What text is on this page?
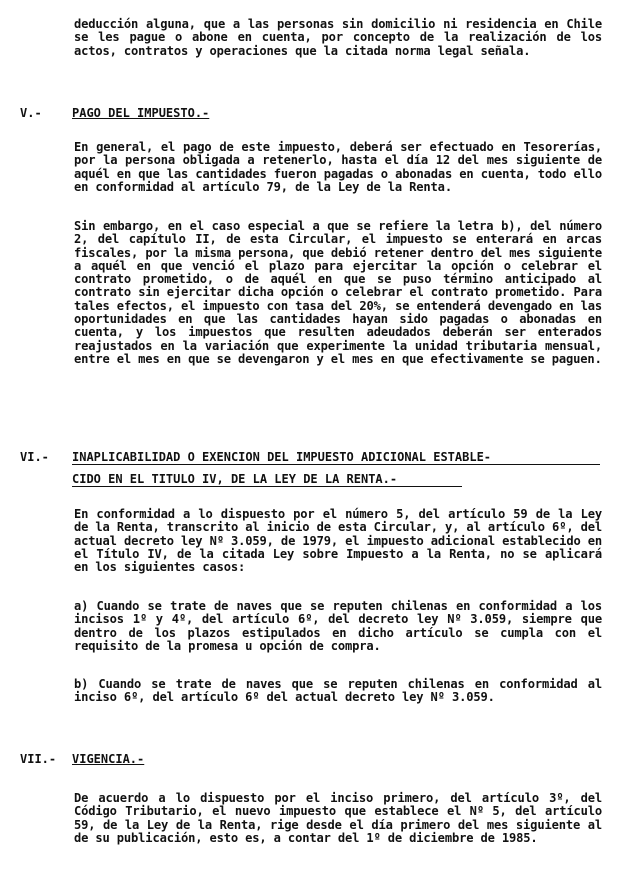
deducción alguna, que a las personas sin domicilio ni residencia en Chile se les pague o abone en cuenta, por concepto de la realización de los actos, contratos y operaciones que la citada norma legal señala.

V.-	PAGO DEL IMPUESTO.-

En general, el pago de este impuesto, deberá ser efectuado en Tesorerías, por la persona obligada a retenerlo, hasta el día 12 del mes siguiente de aquél en que las cantidades fueron pagadas o abonadas en cuenta, todo ello en conformidad al artículo 79, de la Ley de la Renta.

Sin embargo, en el caso especial a que se refiere la letra b), del número 2, del capítulo II, de esta Circular, el impuesto se enterará en arcas fiscales, por la misma persona, que debió retener dentro del mes siguiente a aquél en que venció el plazo para ejercitar la opción o celebrar el contrato prometido, o de aquél en que se puso término anticipado al contrato sin ejercitar dicha opción o celebrar el contrato prometido. Para tales efectos, el impuesto con tasa del 20%, se entenderá devengado en las oportunidades en que las cantidades hayan sido pagadas o abonadas en cuenta, y los impuestos que resulten adeudados deberán ser enterados reajustados en la variación que experimente la unidad tributaria mensual, entre el mes en que se devengaron y el mes en que efectivamente se paguen.

VI.- INAPLICABILIDAD O EXENCION DEL IMPUESTO ADICIONAL ESTABLE-

CIDO EN EL TITULO IV, DE LA LEY DE LA RENTA.-

En conformidad a lo dispuesto por el número 5, del artículo 59 de la Ley de la Renta, transcrito al inicio de esta Circular, y, al artículo 6º, del actual decreto ley Nº 3.059, de 1979, el impuesto adicional establecido en el Título IV, de la citada Ley sobre Impuesto a la Renta, no se aplicará en los siguientes casos:

a) Cuando se trate de naves que se reputen chilenas en conformidad a los incisos 1º y 4º, del artículo 6º, del decreto ley Nº 3.059, siempre que dentro de los plazos estipulados en dicho artículo se cumpla con el requisito de la promesa u opción de compra.

b) Cuando se trate de naves que se reputen chilenas en conformidad al inciso 6º, del artículo 6º del actual decreto ley Nº 3.059.

VII.- VIGENCIA.-

De acuerdo a lo dispuesto por el inciso primero, del artículo 3º, del Código Tributario, el nuevo impuesto que establece el Nº 5, del artículo 59, de la Ley de la Renta, rige desde el día primero del mes siguiente al de su publicación, esto es, a contar del 1º de diciembre de 1985.
